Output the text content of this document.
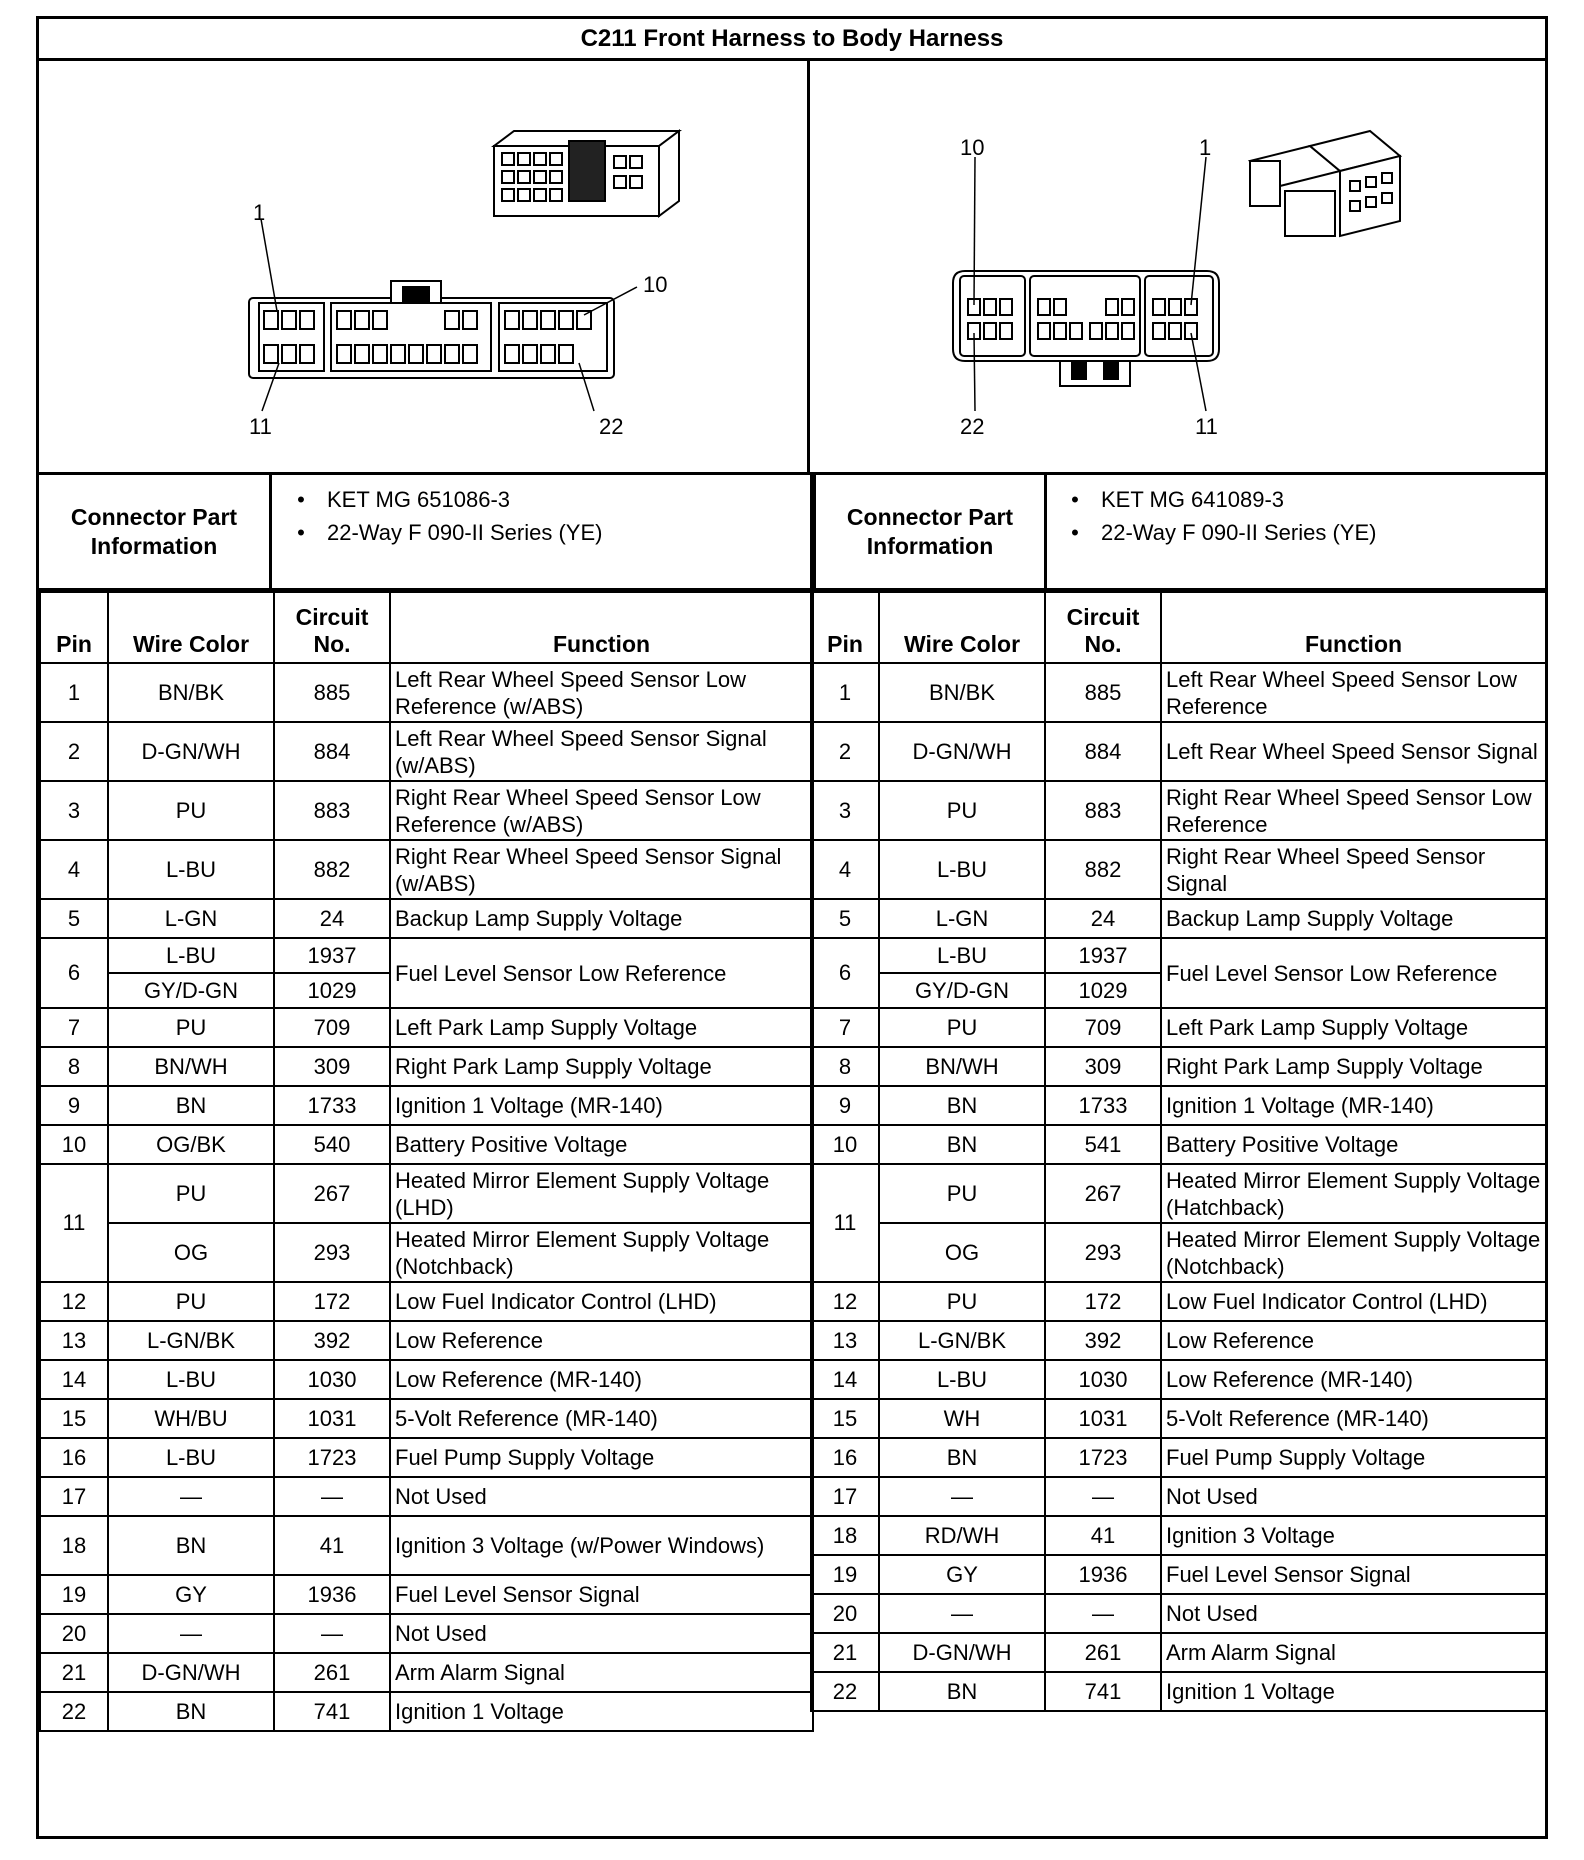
C211 Front Harness to Body Harness
1
10
11	22
10	1
22	11
Connector Part Information
• KET MG 651086-3
• 22-Way F 090-II Series (YE)
Connector Part Information
• KET MG 641089-3
• 22-Way F 090-II Series (YE)
Pin	Wire Color	Circuit No.	Function
1	BN/BK	885	Left Rear Wheel Speed Sensor Low Reference (w/ABS)
2	D-GN/WH	884	Left Rear Wheel Speed Sensor Signal (w/ABS)
3	PU	883	Right Rear Wheel Speed Sensor Low Reference (w/ABS)
4	L-BU	882	Right Rear Wheel Speed Sensor Signal (w/ABS)
5	L-GN	24	Backup Lamp Supply Voltage
6	L-BU	1937	Fuel Level Sensor Low Reference
	GY/D-GN	1029	
7	PU	709	Left Park Lamp Supply Voltage
8	BN/WH	309	Right Park Lamp Supply Voltage
9	BN	1733	Ignition 1 Voltage (MR-140)
10	OG/BK	540	Battery Positive Voltage
11	PU	267	Heated Mirror Element Supply Voltage (LHD)
	OG	293	Heated Mirror Element Supply Voltage (Notchback)
12	PU	172	Low Fuel Indicator Control (LHD)
13	L-GN/BK	392	Low Reference
14	L-BU	1030	Low Reference (MR-140)
15	WH/BU	1031	5-Volt Reference (MR-140)
16	L-BU	1723	Fuel Pump Supply Voltage
17	—	—	Not Used
18	BN	41	Ignition 3 Voltage (w/Power Windows)
19	GY	1936	Fuel Level Sensor Signal
20	—	—	Not Used
21	D-GN/WH	261	Arm Alarm Signal
22	BN	741	Ignition 1 Voltage
Pin	Wire Color	Circuit No.	Function
1	BN/BK	885	Left Rear Wheel Speed Sensor Low Reference
2	D-GN/WH	884	Left Rear Wheel Speed Sensor Signal
3	PU	883	Right Rear Wheel Speed Sensor Low Reference
4	L-BU	882	Right Rear Wheel Speed Sensor Signal
5	L-GN	24	Backup Lamp Supply Voltage
6	L-BU	1937	Fuel Level Sensor Low Reference
	GY/D-GN	1029	
7	PU	709	Left Park Lamp Supply Voltage
8	BN/WH	309	Right Park Lamp Supply Voltage
9	BN	1733	Ignition 1 Voltage (MR-140)
10	BN	541	Battery Positive Voltage
11	PU	267	Heated Mirror Element Supply Voltage (Hatchback)
	OG	293	Heated Mirror Element Supply Voltage (Notchback)
12	PU	172	Low Fuel Indicator Control (LHD)
13	L-GN/BK	392	Low Reference
14	L-BU	1030	Low Reference (MR-140)
15	WH	1031	5-Volt Reference (MR-140)
16	BN	1723	Fuel Pump Supply Voltage
17	—	—	Not Used
18	RD/WH	41	Ignition 3 Voltage
19	GY	1936	Fuel Level Sensor Signal
20	—	—	Not Used
21	D-GN/WH	261	Arm Alarm Signal
22	BN	741	Ignition 1 Voltage
